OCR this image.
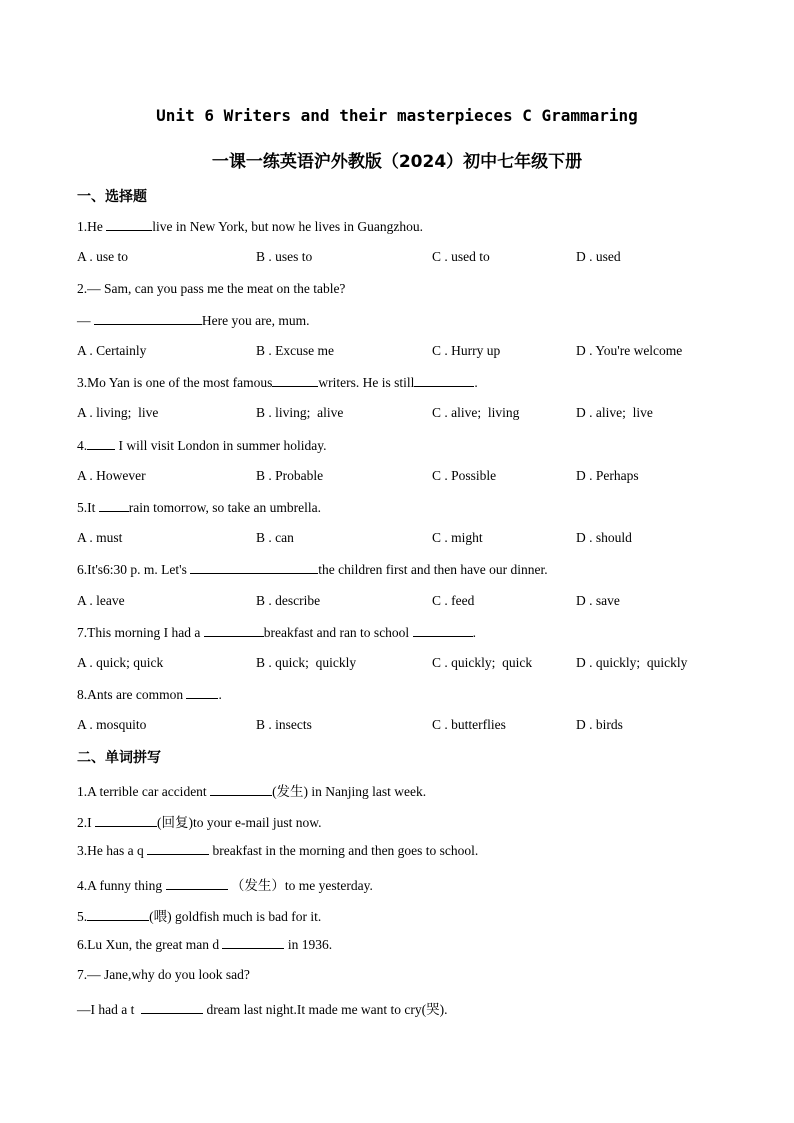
Unit 6 Writers and their masterpieces C Grammaring
一课一练英语沪外教版（2024）初中七年级下册
一、选择题
1.He	live in New York, but now he lives in Guangzhou.
A . use to	B . uses to	C . used to	D . used
2.— Sam, can you pass me the meat on the table?
—	Here you are, mum.
A . Certainly	B . Excuse me	C . Hurry up	D . You're welcome
3.Mo Yan is one of the most famous	writers. He is still	.
A . living;  live	B . living;  alive	C . alive;  living	D . alive;  live
4. I will visit London in summer holiday.
A . However	B . Probable	C . Possible	D . Perhaps
5.It rain tomorrow, so take an umbrella.
A . must	B . can	C . might	D . should
6.It's6:30 p. m. Let's	the children first and then have our dinner.
A . leave	B . describe	C . feed	D . save
7.This morning I had a	breakfast and ran to school	.
A . quick; quick	B . quick;  quickly	C . quickly;  quick	D . quickly;  quickly
8.Ants are common .
A . mosquito	B . insects	C . butterflies	D . birds
二、单词拼写
1.A terrible car accident	(发生) in Nanjing last week.
2.I	(回复)to your e-mail just now.
3.He has a q	breakfast in the morning and then goes to school.
4.A funny thing	（发生）to me yesterday.
5.	(喂) goldfish much is bad for it.
6.Lu Xun, the great man d	in 1936.
7.— Jane,why do you look sad?
—I had a t	dream last night.It made me want to cry(哭).
